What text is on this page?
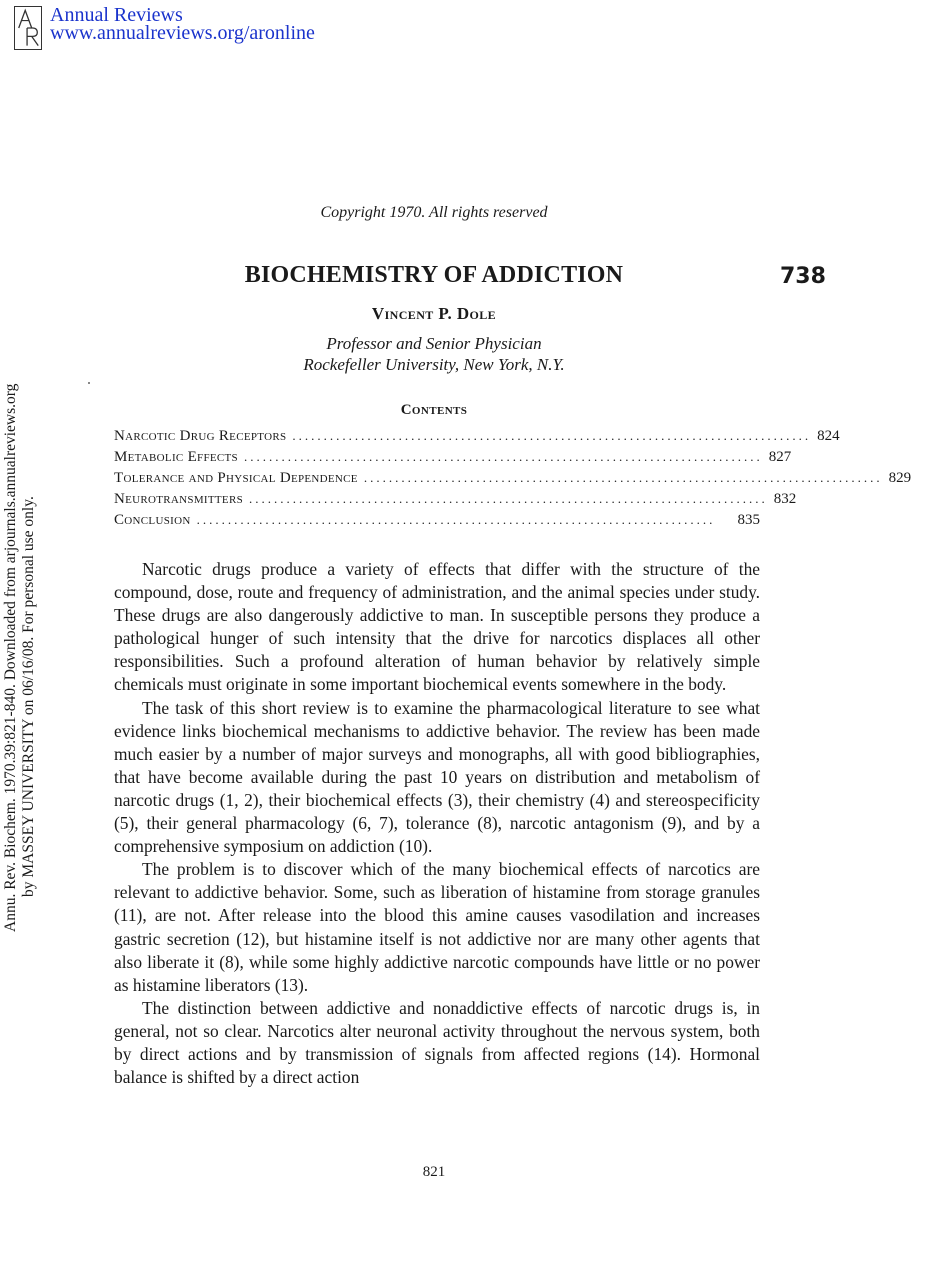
Annual Reviews
www.annualreviews.org/aronline
Annu. Rev. Biochem. 1970.39:821-840. Downloaded from arjournals.annualreviews.org by MASSEY UNIVERSITY on 06/16/08. For personal use only.
Copyright 1970. All rights reserved
BIOCHEMISTRY OF ADDICTION	738
Vincent P. Dole
Professor and Senior Physician
Rockefeller University, New York, N.Y.
Contents
Narcotic Drug Receptors ................................................................................... 824
Metabolic Effects ................................................................................... 827
Tolerance and Physical Dependence ................................................................................... 829
Neurotransmitters ................................................................................... 832
Conclusion ...................................................................................	835

Narcotic drugs produce a variety of effects that differ with the structure of the compound, dose, route and frequency of administration, and the animal species under study. These drugs are also dangerously addictive to man. In susceptible persons they produce a pathological hunger of such intensity that the drive for narcotics displaces all other responsibilities. Such a profound alteration of human behavior by relatively simple chemicals must originate in some important biochemical events somewhere in the body.

The task of this short review is to examine the pharmacological literature to see what evidence links biochemical mechanisms to addictive behavior. The review has been made much easier by a number of major surveys and monographs, all with good bibliographies, that have become available during the past 10 years on distribution and metabolism of narcotic drugs (1, 2), their biochemical effects (3), their chemistry (4) and stereospecificity (5), their general pharmacology (6, 7), tolerance (8), narcotic antagonism (9), and by a comprehensive symposium on addiction (10).

The problem is to discover which of the many biochemical effects of narcotics are relevant to addictive behavior. Some, such as liberation of histamine from storage granules (11), are not. After release into the blood this amine causes vasodilation and increases gastric secretion (12), but histamine itself is not addictive nor are many other agents that also liberate it (8), while some highly addictive narcotic compounds have little or no power as histamine liberators (13).

The distinction between addictive and nonaddictive effects of narcotic drugs is, in general, not so clear. Narcotics alter neuronal activity throughout the nervous system, both by direct actions and by transmission of signals from affected regions (14). Hormonal balance is shifted by a direct action

821
